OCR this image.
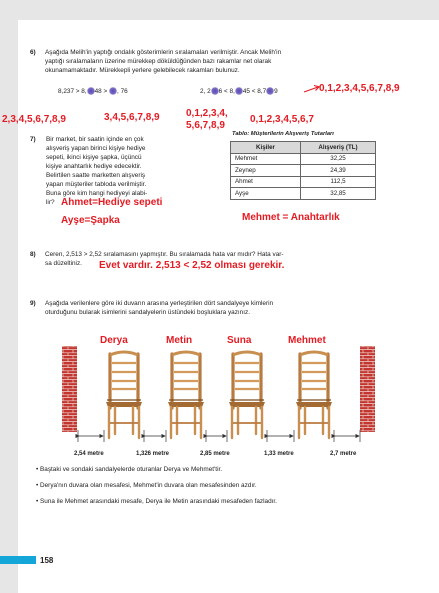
6) Aşağıda Melih'in yaptığı ondalık gösterimlerin sıralamaları verilmiştir. Ancak Melih'in
yaptığı sıralamaların üzerine mürekkep döküldüğünden bazı rakamlar net olarak
okunamamaktadır. Mürekkepli yerlere gelebilecek rakamları bulunuz.
8,237 > 8, 48 > , 76	2, 2 6 < 8, 45 < 8,7 9
2,3,4,5,6,7,8,9	3,4,5,6,7,8,9	0,1,2,3,4,
5,6,7,8,9
0,1,2,3,4,5,6,7
0,1,2,3,4,5,6,7,8,9
7) Bir market, bir saatin içinde en çok
alışveriş yapan birinci kişiye hediye
sepeti, ikinci kişiye şapka, üçüncü
kişiye anahtarlık hediye edecektir.
Belirtilen saatte marketten alışveriş
yapan müşteriler tabloda verilmiştir.
Buna göre kim hangi hediyeyi alabi-
lir? Ahmet=Hediye sepeti
Ayşe=Şapka	Mehmet = Anahtarlık
Tablo: Müşterilerin Alışveriş Tutarları
Kişiler	Alışveriş (TL)
Mehmet	32,25
Zeynep	24,39
Ahmet	112,5
Ayşe	32,85
8) Ceren, 2,513 > 2,52 sıralamasını yapmıştır. Bu sıralamada hata var mıdır? Hata var-
sa düzeltiniz. Evet vardır. 2,513 < 2,52 olması gerekir.
9) Aşağıda verilenlere göre iki duvarın arasına yerleştirilen dört sandalyeye kimlerin
oturduğunu bularak isimlerini sandalyelerin üstündeki boşluklara yazınız.
Derya	Metin	Suna	Mehmet
2,54 metre	1,326 metre	2,85 metre	1,33 metre	2,7 metre
• Baştaki ve sondaki sandalyelerde oturanlar Derya ve Mehmet'tir.
• Derya'nın duvara olan mesafesi, Mehmet'in duvara olan mesafesinden azdır.
• Suna ile Mehmet arasındaki mesafe, Derya ile Metin arasındaki mesafeden fazladır.
158
